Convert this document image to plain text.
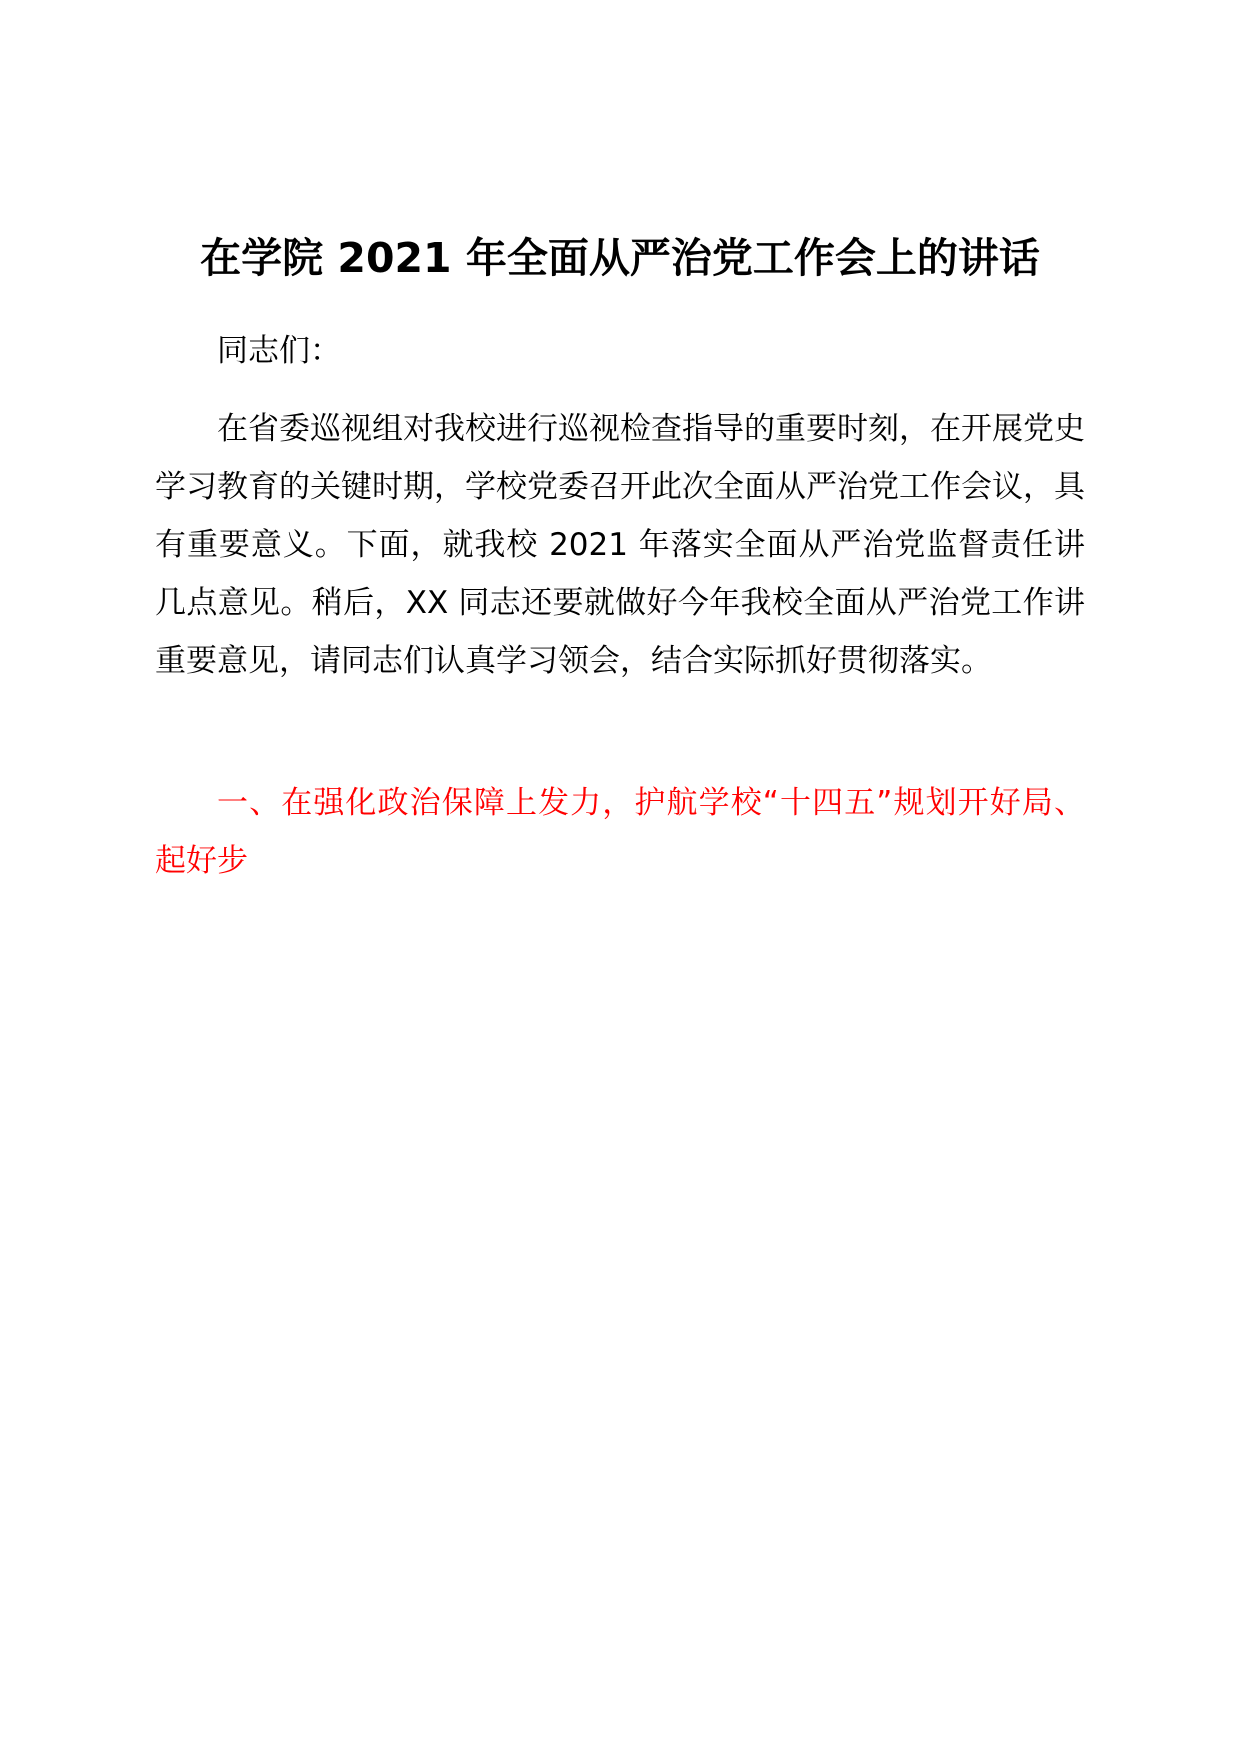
在学院 2021 年全面从严治党工作会上的讲话

同志们：

在省委巡视组对我校进行巡视检查指导的重要时刻，在开展党史学习教育的关键时期，学校党委召开此次全面从严治党工作会议，具有重要意义。下面，就我校 2021 年落实全面从严治党监督责任讲几点意见。稍后，XX 同志还要就做好今年我校全面从严治党工作讲重要意见，请同志们认真学习领会，结合实际抓好贯彻落实。

一、在强化政治保障上发力，护航学校“十四五”规划开好局、起好步
